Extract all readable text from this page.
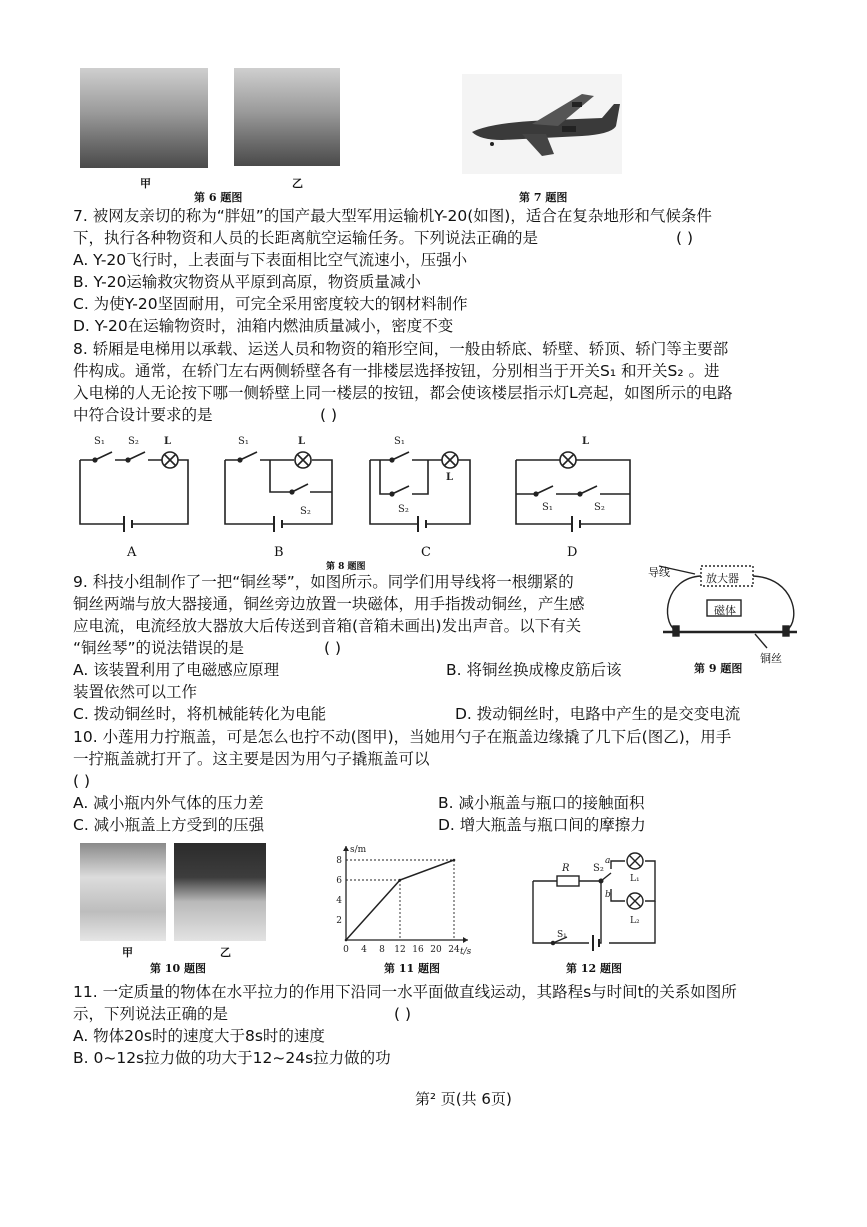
甲	乙
第 6 题图	第 7 题图
7. 被网友亲切的称为“胖妞”的国产最大型军用运输机Y-20(如图)，适合在复杂地形和气候条件
下，执行各种物资和人员的长距离航空运输任务。下列说法正确的是	( )
A. Y-20飞行时，上表面与下表面相比空气流速小，压强小
B. Y-20运输救灾物资从平原到高原，物资质量减小
C. 为使Y-20坚固耐用，可完全采用密度较大的钢材料制作
D. Y-20在运输物资时，油箱内燃油质量减小，密度不变
8. 轿厢是电梯用以承载、运送人员和物资的箱形空间，一般由轿底、轿壁、轿顶、轿门等主要部
件构成。通常，在轿门左右两侧轿壁各有一排楼层选择按钮，分别相当于开关S₁ 和开关S₂ 。进
入电梯的人无论按下哪一侧轿壁上同一楼层的按钮，都会使该楼层指示灯L亮起，如图所示的电路
中符合设计要求的是	( )
S₁ S₂	L	S₁	L
S₂
S₁
L
S₂
L
S₁	S₂
A	B	C	D
第 8 题图
9. 科技小组制作了一把“铜丝琴”，如图所示。同学们用导线将一根绷紧的
铜丝两端与放大器接通，铜丝旁边放置一块磁体，用手指拨动铜丝，产生感
应电流，电流经放大器放大后传送到音箱(音箱未画出)发出声音。以下有关
“铜丝琴”的说法错误的是	( )
A. 该装置利用了电磁感应原理	B. 将铜丝换成橡皮筋后该
装置依然可以工作
C. 拨动铜丝时，将机械能转化为电能	D. 拨动铜丝时，电路中产生的是交变电流
导线	放大器
磁体
铜丝
第 9 题图
10. 小莲用力拧瓶盖，可是怎么也拧不动(图甲)，当她用勺子在瓶盖边缘撬了几下后(图乙)，用手
一拧瓶盖就打开了。这主要是因为用勺子撬瓶盖可以
( )
A. 减小瓶内外气体的压力差	B. 减小瓶盖与瓶口的接触面积
C. 减小瓶盖上方受到的压强	D. 增大瓶盖与瓶口间的摩擦力
甲	乙
第 10 题图
s/m
t/s
0 4 8 12 16 20 24
2
4
6
8
第 11 题图
R S₂
a
b
L₁
L₂
S₁
第 12 题图
11. 一定质量的物体在水平拉力的作用下沿同一水平面做直线运动，其路程s与时间t的关系如图所
示，下列说法正确的是	( )
A. 物体20s时的速度大于8s时的速度
B. 0~12s拉力做的功大于12~24s拉力做的功
第² 页(共 6页)
